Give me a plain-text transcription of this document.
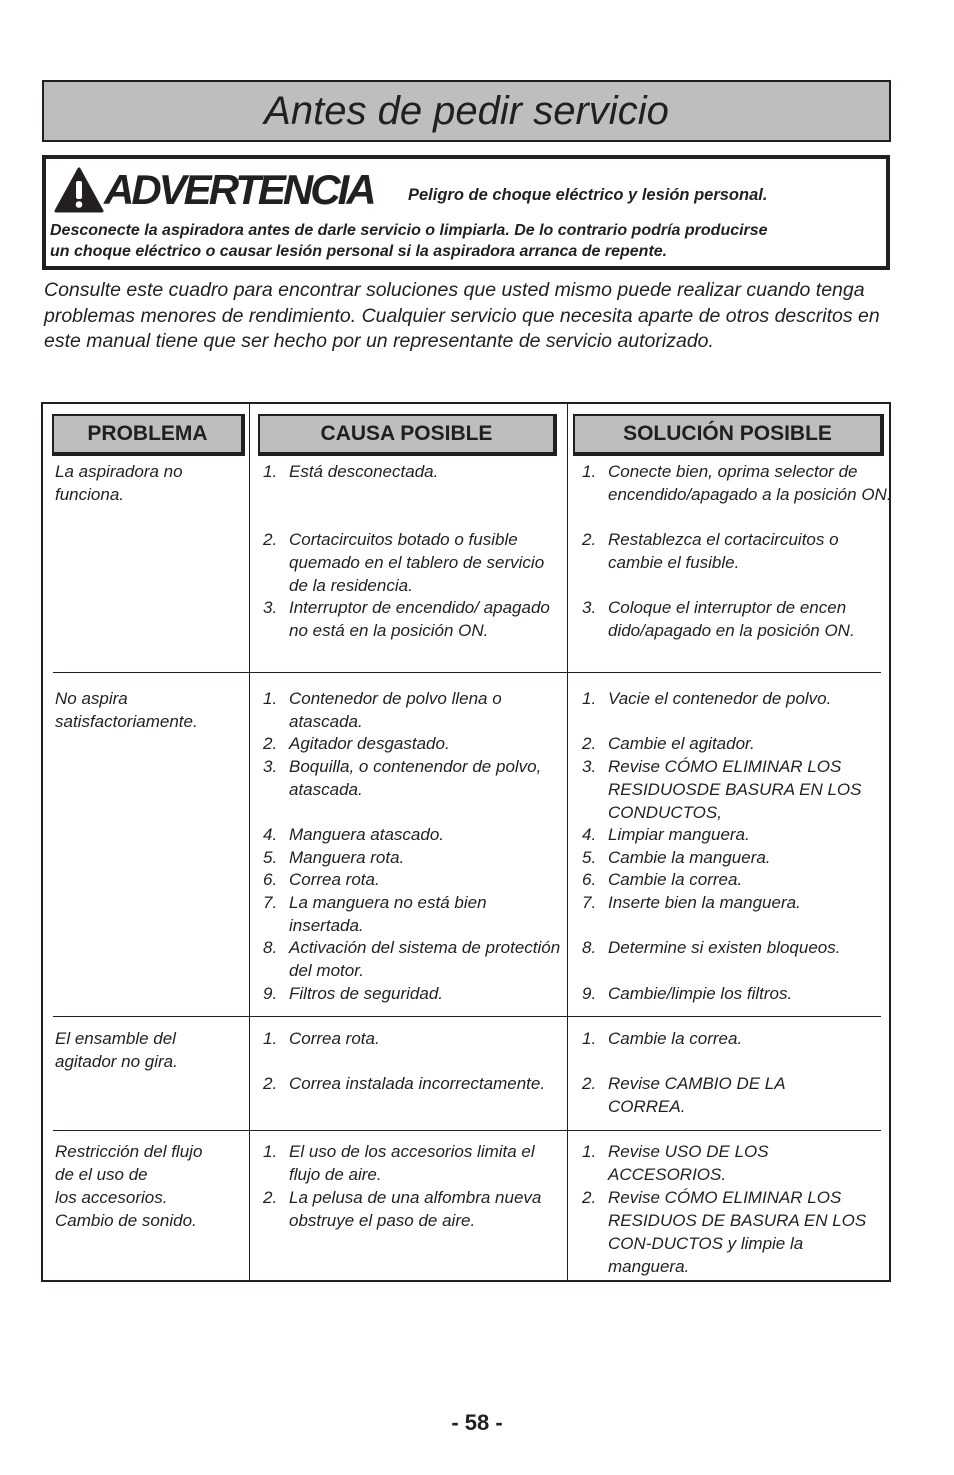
Antes de pedir servicio
ADVERTENCIA Peligro de choque eléctrico y lesión personal.
Desconecte la aspiradora antes de darle servicio o limpiarla. De lo contrario podría producirse
un choque eléctrico o causar lesión personal si la aspiradora arranca de repente.
Consulte este cuadro para encontrar soluciones que usted mismo puede realizar cuando tenga problemas menores de rendimiento. Cualquier servicio que necesita aparte de otros descritos en este manual tiene que ser hecho por un representante de servicio autorizado.
PROBLEMA	CAUSA POSIBLE	SOLUCIÓN POSIBLE
La aspiradora no funciona.
1. Está desconectada.
2. Cortacircuitos botado o fusible quemado en el tablero de servicio de la residencia.
3. Interruptor de encendido/ apagado no está en la posición ON.
1. Conecte bien, oprima selector de encendido/apagado a la posición ON.
2. Restablezca el cortacircuitos o cambie el fusible.
3. Coloque el interruptor de encen dido/apagado en la posición ON.
No aspira satisfactoriamente.
1. Contenedor de polvo llena o atascada.
2. Agitador desgastado.
3. Boquilla, o contenendor de polvo, atascada.
4. Manguera atascado.
5. Manguera rota.
6. Correa rota.
7. La manguera no está bien insertada.
8. Activación del sistema de protectión del motor.
9. Filtros de seguridad.
1. Vacie el contenedor de polvo.
2. Cambie el agitador.
3. Revise CÓMO ELIMINAR LOS RESIDUOSDE BASURA EN LOS CONDUCTOS,
4. Limpiar manguera.
5. Cambie la manguera.
6. Cambie la correa.
7. Inserte bien la manguera.
8. Determine si existen bloqueos.
9. Cambie/limpie los filtros.
El ensamble del agitador no gira.
1. Correa rota.
2. Correa instalada incorrectamente.
1. Cambie la correa.
2. Revise CAMBIO DE LA CORREA.
Restricción del flujo
de el uso de
los accesorios.
Cambio de sonido.
1. El uso de los accesorios limita el flujo de aire.
2. La pelusa de una alfombra nueva obstruye el paso de aire.
1. Revise USO DE LOS ACCESORIOS.
2. Revise CÓMO ELIMINAR LOS RESIDUOS DE BASURA EN LOS CON-DUCTOS y limpie la manguera.
- 58 -
